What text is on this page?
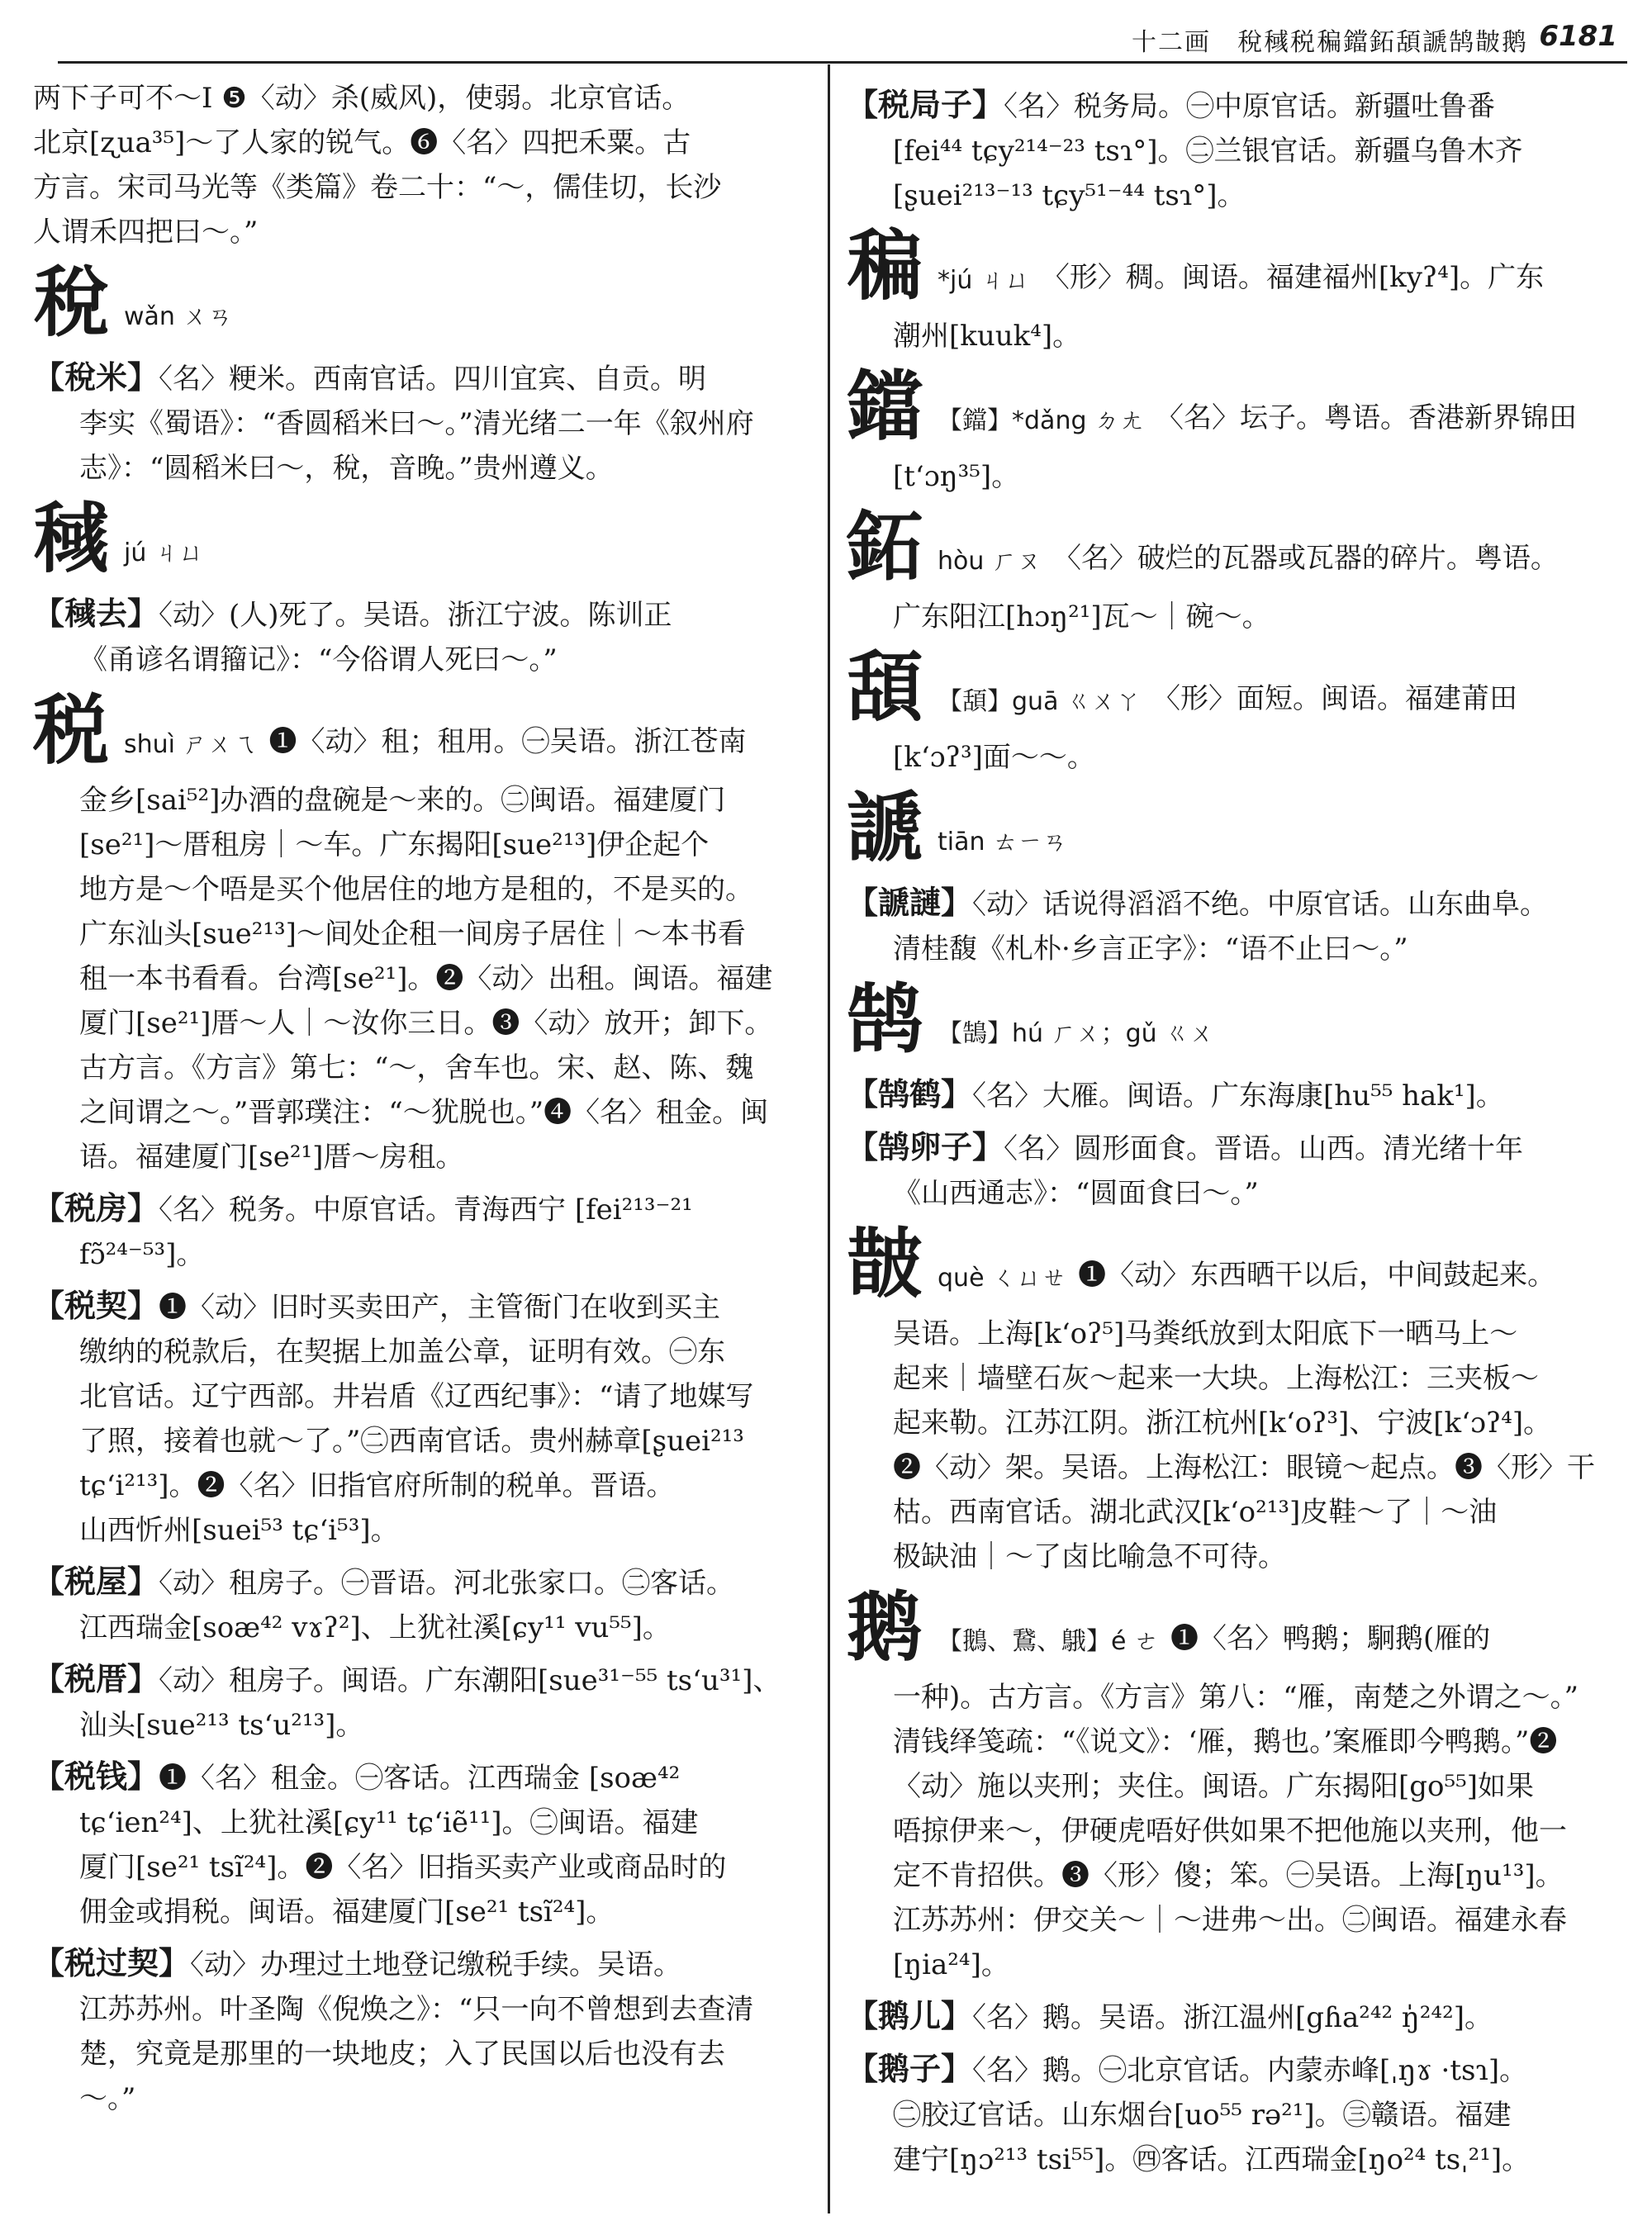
十二画　稅稶税稨鐺鉐頢謕鹄皵鹅 6181

两下子可不～Ⅰ ❺〈动〉杀(威风)，使弱。北京官话。

北京[ʐua³⁵]～了人家的锐气。❻〈名〉四把禾粟。古

方言。宋司马光等《类篇》卷二十：“～，儒佳切，长沙

人谓禾四把曰～。”

稅 wǎn ㄨㄢ
【稅米】〈名〉粳米。西南官话。四川宜宾、自贡。明

李实《蜀语》：“香圆稻米曰～。”清光绪二一年《叙州府

志》：“圆稻米曰～，稅，音晚。”贵州遵义。

稶 jú ㄐㄩ
【稶去】〈动〉(人)死了。吴语。浙江宁波。陈训正

《甬谚名谓籀记》：“今俗谓人死曰～。”

税 shuì ㄕㄨㄟ ❶〈动〉租；租用。㊀吴语。浙江苍南

金乡[sai⁵²]办酒的盘碗是～来的。㊁闽语。福建厦门

[se²¹]～厝租房｜～车。广东揭阳[sue²¹³]伊企起个

地方是～个唔是买个他居住的地方是租的，不是买的。

广东汕头[sue²¹³]～间处企租一间房子居住｜～本书看

租一本书看看。台湾[se²¹]。❷〈动〉出租。闽语。福建

厦门[se²¹]厝～人｜～汝你三日。❸〈动〉放开；卸下。

古方言。《方言》第七：“～，舍车也。宋、赵、陈、魏

之间谓之～。”晋郭璞注：“～犹脱也。”❹〈名〉租金。闽

语。福建厦门[se²¹]厝～房租。

【税房】〈名〉税务。中原官话。青海西宁 [fei²¹³⁻²¹

fɔ̃²⁴⁻⁵³]。

【税契】❶〈动〉旧时买卖田产，主管衙门在收到买主

缴纳的税款后，在契据上加盖公章，证明有效。㊀东

北官话。辽宁西部。井岩盾《辽西纪事》：“请了地媒写

了照，接着也就～了。”㊁西南官话。贵州赫章[ʂuei²¹³

tɕʻi²¹³]。❷〈名〉旧指官府所制的税单。晋语。

山西忻州[suei⁵³ tɕʻi⁵³]。

【税屋】〈动〉租房子。㊀晋语。河北张家口。㊁客话。

江西瑞金[soæ⁴² vɤʔ²]、上犹社溪[ɕy¹¹ vu⁵⁵]。

【税厝】〈动〉租房子。闽语。广东潮阳[sue³¹⁻⁵⁵ tsʻu³¹]、

汕头[sue²¹³ tsʻu²¹³]。

【税钱】❶〈名〉租金。㊀客话。江西瑞金 [soæ⁴²

tɕʻien²⁴]、上犹社溪[ɕy¹¹ tɕʻiẽ¹¹]。㊁闽语。福建

厦门[se²¹ tsĩ²⁴]。❷〈名〉旧指买卖产业或商品时的

佣金或捐税。闽语。福建厦门[se²¹ tsĩ²⁴]。

【税过契】〈动〉办理过土地登记缴税手续。吴语。

江苏苏州。叶圣陶《倪焕之》：“只一向不曾想到去查清

楚，究竟是那里的一块地皮；入了民国以后也没有去

～。”

【税局子】〈名〉税务局。㊀中原官话。新疆吐鲁番

[fei⁴⁴ tɕy²¹⁴⁻²³ tsɿ°]。㊁兰银官话。新疆乌鲁木齐

[ʂuei²¹³⁻¹³ tɕy⁵¹⁻⁴⁴ tsɿ°]。

稨 *jú ㄐㄩ 〈形〉稠。闽语。福建福州[kyʔ⁴]。广东

潮州[kuuk⁴]。

鐺 【鐺】*dǎng ㄉㄤ 〈名〉坛子。粤语。香港新界锦田

[tʻɔŋ³⁵]。

鉐 hòu ㄏㄡ 〈名〉破烂的瓦器或瓦器的碎片。粤语。

广东阳江[hɔŋ²¹]瓦～｜碗～。

頢 【頢】guā ㄍㄨㄚ 〈形〉面短。闽语。福建莆田

[kʻɔʔ³]面～～。

謕 tiān ㄊㄧㄢ
【謕謰】〈动〉话说得滔滔不绝。中原官话。山东曲阜。

清桂馥《札朴·乡言正字》：“语不止曰～。”

鹄 【鵠】hú ㄏㄨ；gǔ ㄍㄨ
【鹄鹤】〈名〉大雁。闽语。广东海康[hu⁵⁵ hak¹]。
【鹄卵子】〈名〉圆形面食。晋语。山西。清光绪十年

《山西通志》：“圆面食曰～。”

皵 què ㄑㄩㄝ ❶〈动〉东西晒干以后，中间鼓起来。

吴语。上海[kʻoʔ⁵]马粪纸放到太阳底下一晒马上～

起来｜墙壁石灰～起来一大块。上海松江：三夹板～

起来勒。江苏江阴。浙江杭州[kʻoʔ³]、宁波[kʻɔʔ⁴]。

❷〈动〉架。吴语。上海松江：眼镜～起点。❸〈形〉干

枯。西南官话。湖北武汉[kʻo²¹³]皮鞋～了｜～油

极缺油｜～了卤比喻急不可待。

鹅 【鵝、鵞、䳘】é ㄜ ❶〈名〉鸭鹅；駉鹅(雁的

一种)。古方言。《方言》第八：“雁，南楚之外谓之～。”

清钱绎笺疏：“《说文》：‘雁，鹅也。’案雁即今鸭鹅。”❷

〈动〉施以夹刑；夹住。闽语。广东揭阳[go⁵⁵]如果

唔掠伊来～，伊硬虎唔好供如果不把他施以夹刑，他一

定不肯招供。❸〈形〉傻；笨。㊀吴语。上海[ŋu¹³]。

江苏苏州：伊交关～｜～进弗～出。㊁闽语。福建永春

[ŋia²⁴]。

【鹅儿】〈名〉鹅。吴语。浙江温州[gɦa²⁴² ŋ̍²⁴²]。
【鹅子】〈名〉鹅。㊀北京官话。内蒙赤峰[ˌŋɤ ·tsɿ]。

㊁胶辽官话。山东烟台[uo⁵⁵ rə²¹]。㊂赣语。福建

建宁[ŋɔ²¹³ tsi⁵⁵]。㊃客话。江西瑞金[ŋo²⁴ tsˌ²¹]。
